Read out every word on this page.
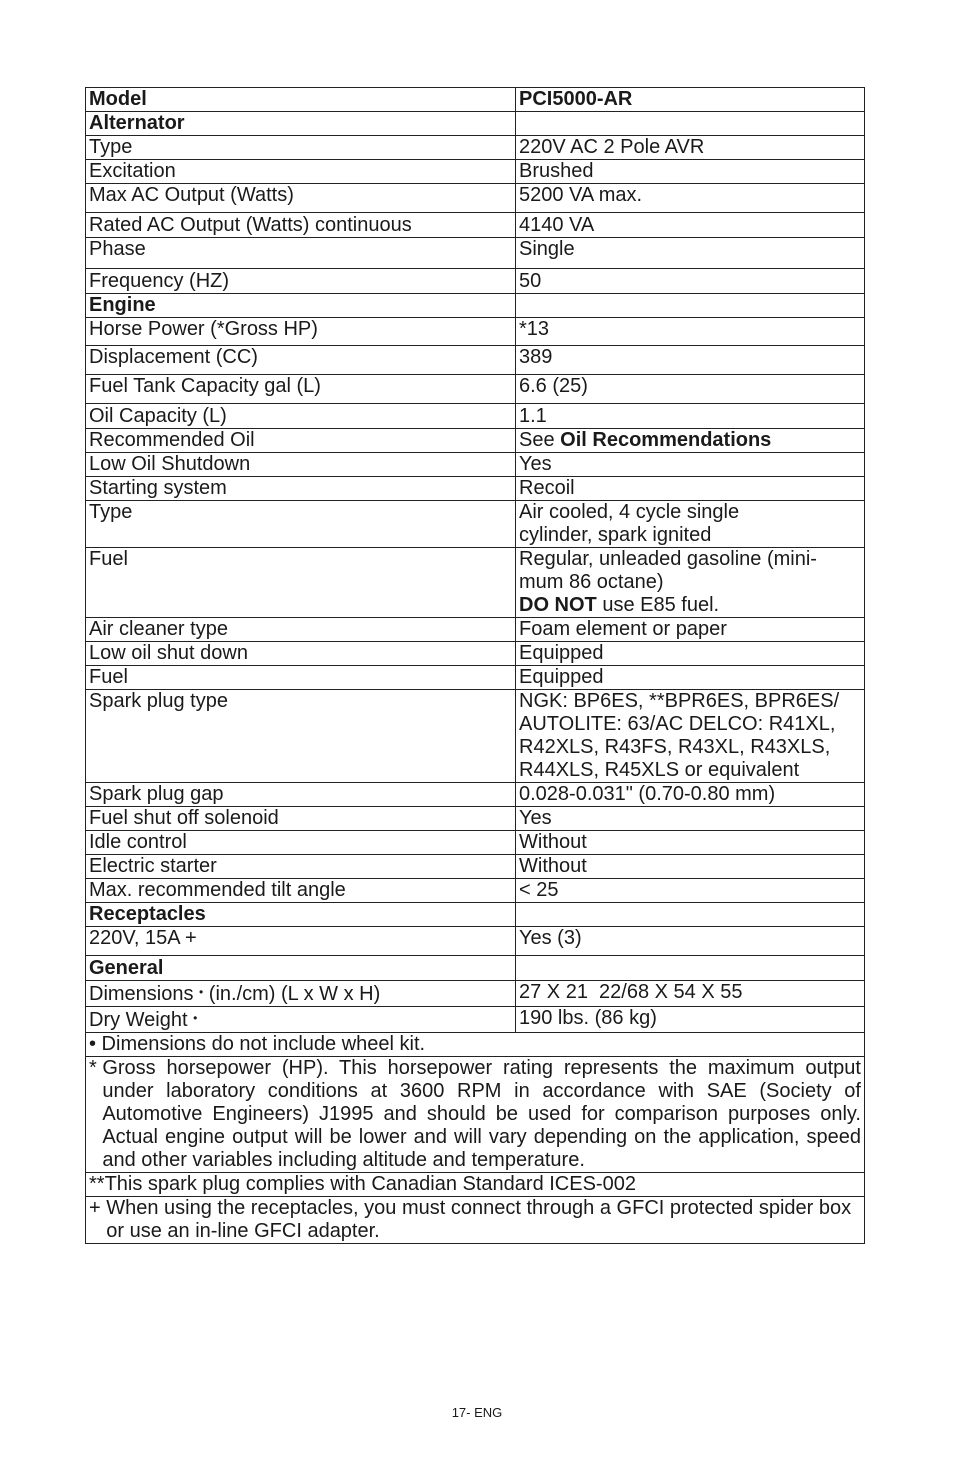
Model	PCI5000-AR
Alternator	
Type	220V AC 2 Pole AVR
Excitation	Brushed
Max AC Output (Watts)	5200 VA max.
Rated AC Output (Watts) continuous	4140 VA
Phase	Single
Frequency (HZ)	50
Engine	
Horse Power (*Gross HP)	*13
Displacement (CC)	389
Fuel Tank Capacity gal (L)	6.6 (25)
Oil Capacity (L)	1.1
Recommended Oil	See Oil Recommendations
Low Oil Shutdown	Yes
Starting system	Recoil
Type	Air cooled, 4 cycle single
cylinder, spark ignited

Fuel	Regular, unleaded gasoline (mini-
mum 86 octane)
DO NOT use E85 fuel.

Air cleaner type	Foam element or paper
Low oil shut down	Equipped
Fuel	Equipped
Spark plug type	NGK: BP6ES, **BPR6ES, BPR6ES/
AUTOLITE: 63/AC DELCO: R41XL,
R42XLS, R43FS, R43XL, R43XLS,
R44XLS, R45XLS or equivalent

Spark plug gap	0.028-0.031" (0.70-0.80 mm)
Fuel shut off solenoid	Yes
Idle control	Without
Electric starter	Without
Max. recommended tilt angle	< 25
Receptacles	
220V, 15A +	Yes (3)
General	
Dimensions • (in./cm) (L x W x H)	27 X 21  22/68 X 54 X 55
Dry Weight •	190 lbs. (86 kg)
• Dimensions do not include wheel kit.	

* Gross horsepower (HP). This horsepower rating represents the maximum output under laboratory conditions at 3600 RPM in accordance with SAE (Society of Automotive Engineers) J1995 and should be used for comparison purposes only. Actual engine output will be lower and will vary depending on the application, speed and other variables including altitude and temperature.	

**This spark plug complies with Canadian Standard ICES-002	

+ When using the receptacles, you must connect through a GFCI protected spider box or use an in-line GFCI adapter.	
17- ENG
